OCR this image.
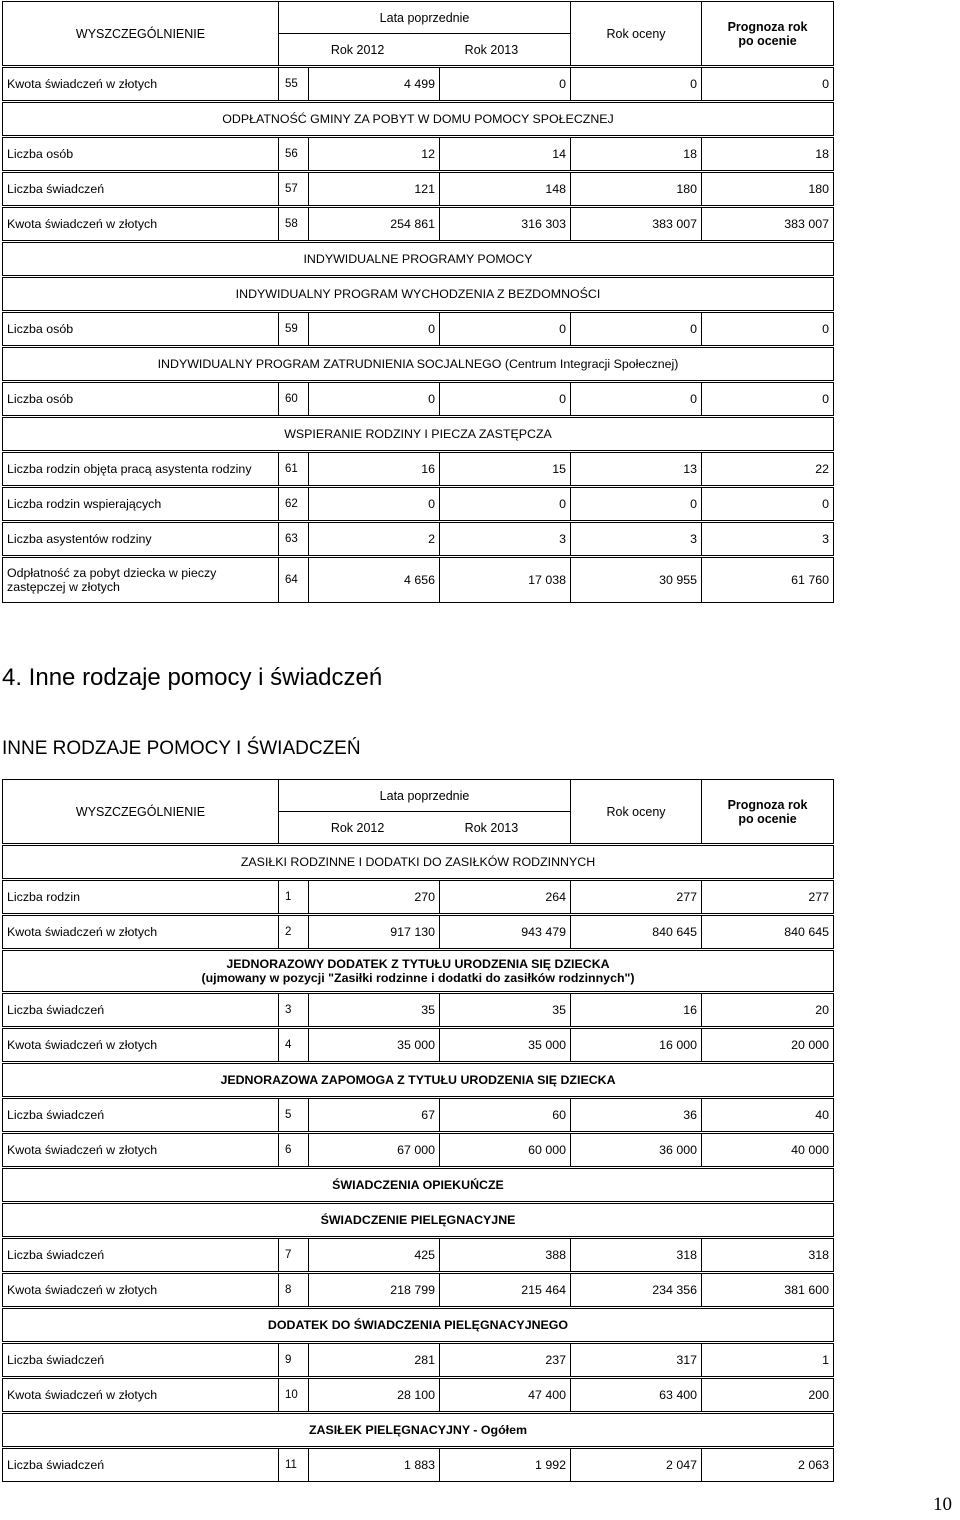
WYSZCZEGÓLNIENIE	Lata poprzednie			Rok oceny	Prognoza rok
po ocenie

	Rok 2012 Rok 2013				

Kwota świadczeń w złotych	55	4 499	0	0	0

ODPŁATNOŚĆ GMINY ZA POBYT W DOMU POMOCY SPOŁECZNEJ					

Liczba osób	56	12	14	18	18

Liczba świadczeń	57	121	148	180	180

Kwota świadczeń w złotych	58	254 861	316 303	383 007	383 007

INDYWIDUALNE PROGRAMY POMOCY					

INDYWIDUALNY PROGRAM WYCHODZENIA Z BEZDOMNOŚCI					

Liczba osób	59	0	0	0	0

INDYWIDUALNY PROGRAM ZATRUDNIENIA SOCJALNEGO (Centrum Integracji Społecznej)					

Liczba osób	60	0	0	0	0

WSPIERANIE RODZINY I PIECZA ZASTĘPCZA					

Liczba rodzin objęta pracą asystenta rodziny	61	16	15	13	22

Liczba rodzin wspierających	62	0	0	0	0

Liczba asystentów rodziny	63	2	3	3	3

Odpłatność za pobyt dziecka w pieczy zastępczej w złotych	64	4 656	17 038	30 955	61 760
4. Inne rodzaje pomocy i świadczeń
INNE RODZAJE POMOCY I ŚWIADCZEŃ
WYSZCZEGÓLNIENIE	Lata poprzednie			Rok oceny	Prognoza rok
po ocenie

	Rok 2012 Rok 2013				

ZASIŁKI RODZINNE I DODATKI DO ZASIŁKÓW RODZINNYCH					

Liczba rodzin	1	270	264	277	277

Kwota świadczeń w złotych	2	917 130	943 479	840 645	840 645

JEDNORAZOWY DODATEK Z TYTUŁU URODZENIA SIĘ DZIECKA
(ujmowany w pozycji "Zasiłki rodzinne i dodatki do zasiłków rodzinnych")					

Liczba świadczeń	3	35	35	16	20

Kwota świadczeń w złotych	4	35 000	35 000	16 000	20 000

JEDNORAZOWA ZAPOMOGA Z TYTUŁU URODZENIA SIĘ DZIECKA					

Liczba świadczeń	5	67	60	36	40

Kwota świadczeń w złotych	6	67 000	60 000	36 000	40 000

ŚWIADCZENIA OPIEKUŃCZE					

ŚWIADCZENIE PIELĘGNACYJNE					

Liczba świadczeń	7	425	388	318	318

Kwota świadczeń w złotych	8	218 799	215 464	234 356	381 600

DODATEK DO ŚWIADCZENIA PIELĘGNACYJNEGO					

Liczba świadczeń	9	281	237	317	1

Kwota świadczeń w złotych	10	28 100	47 400	63 400	200

ZASIŁEK PIELĘGNACYJNY - Ogółem					

Liczba świadczeń	11	1 883	1 992	2 047	2 063
10
